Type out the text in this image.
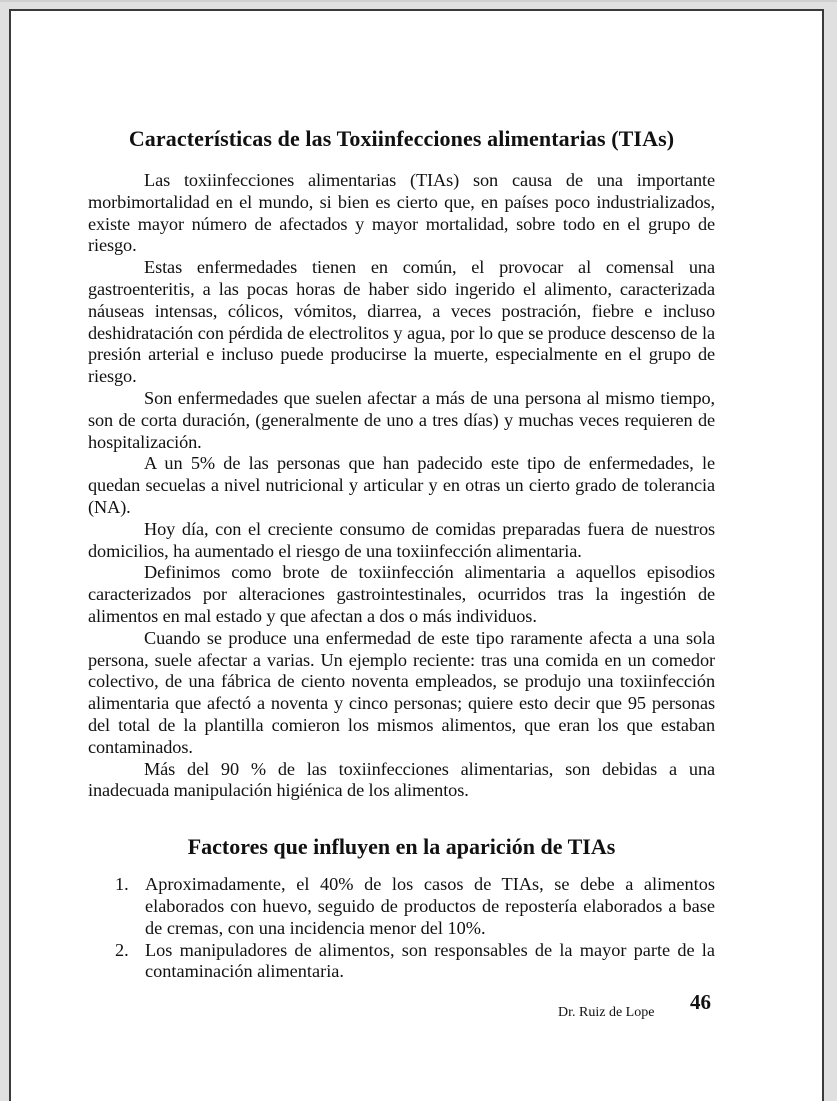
Características de las Toxiinfecciones alimentarias (TIAs)

Las toxiinfecciones alimentarias (TIAs) son causa de una importante morbimortalidad en el mundo, si bien es cierto que, en países poco industrializados, existe mayor número de afectados y mayor mortalidad, sobre todo en el grupo de riesgo.

Estas enfermedades tienen en común, el provocar al comensal una gastroenteritis, a las pocas horas de haber sido ingerido el alimento, caracterizada náuseas intensas, cólicos, vómitos, diarrea, a veces postración, fiebre e incluso deshidratación con pérdida de electrolitos y agua, por lo que se produce descenso de la presión arterial e incluso puede producirse la muerte, especialmente en el grupo de riesgo.

Son enfermedades que suelen afectar a más de una persona al mismo tiempo, son de corta duración, (generalmente de uno a tres días) y muchas veces requieren de hospitalización.

A un 5% de las personas que han padecido este tipo de enfermedades, le quedan secuelas a nivel nutricional y articular y en otras un cierto grado de tolerancia (NA).

Hoy día, con el creciente consumo de comidas preparadas fuera de nuestros domicilios, ha aumentado el riesgo de una toxiinfección alimentaria.

Definimos como brote de toxiinfección alimentaria a aquellos episodios caracterizados por alteraciones gastrointestinales, ocurridos tras la ingestión de alimentos en mal estado y que afectan a dos o más individuos.

Cuando se produce una enfermedad de este tipo raramente afecta a una sola persona, suele afectar a varias. Un ejemplo reciente: tras una comida en un comedor colectivo, de una fábrica de ciento noventa empleados, se produjo una toxiinfección alimentaria que afectó a noventa y cinco personas; quiere esto decir que 95 personas del total de la plantilla comieron los mismos alimentos, que eran los que estaban contaminados.

Más del 90 % de las toxiinfecciones alimentarias, son debidas a una inadecuada manipulación higiénica de los alimentos.

Factores que influyen en la aparición de TIAs
1. Aproximadamente, el 40% de los casos de TIAs, se debe a alimentos elaborados con huevo, seguido de productos de repostería elaborados a base de cremas, con una incidencia menor del 10%.
2. Los manipuladores de alimentos, son responsables de la mayor parte de la contaminación alimentaria.
Dr. Ruiz de Lope 46
